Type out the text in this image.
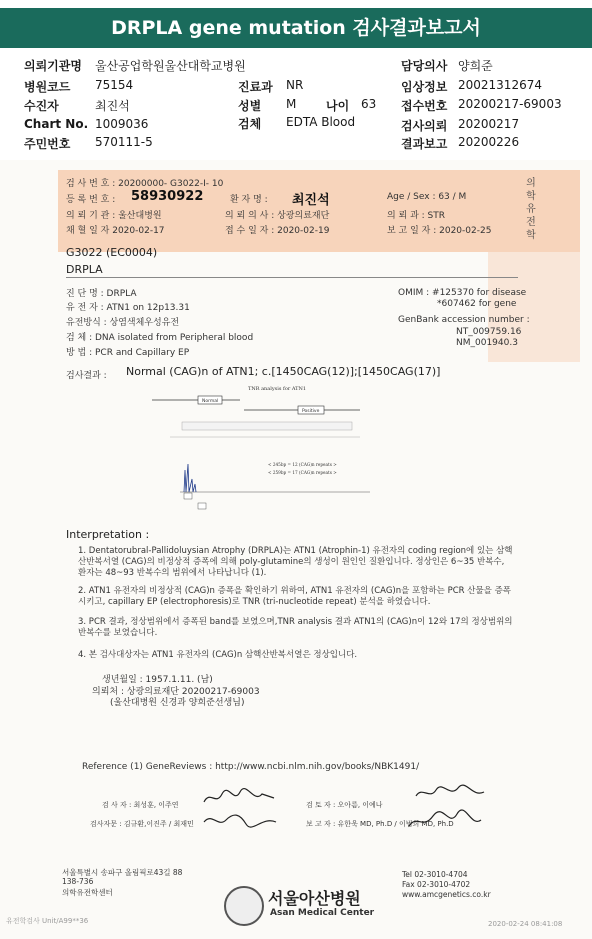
DRPLA gene mutation 검사결과보고서
의뢰기관명 울산공업학원울산대학교병원	담당의사 양희준
병원코드 75154	진료과 NR	임상정보 20021312674
수진자	최진석	성별 M 나이 63 접수번호 20200217-69003
Chart No. 1009036	검체 EDTA Blood	검사의뢰 20200217
주민번호 570111-5	결과보고 20200226
검 사 번 호 : 20200000- G3022-I- 10
등 록 번 호 : 58930922	환 자 명 : 최진석	Age / Sex : 63 / M
의 뢰 기 관 : 울산대병원	의 뢰 의 사 : 상광의료재단	의 뢰 과 : STR
채 혈 일 자 2020-02-17	접 수 일 자 : 2020-02-19	보 고 일 자 : 2020-02-25
의학유전학
G3022 (EC0004)
DRPLA
진 단 명 : DRPLA
유 전 자 : ATN1 on 12p13.31
유전방식 : 상염색체우성유전
검 체 : DNA isolated from Peripheral blood
방 법 : PCR and Capillary EP
OMIM : #125370 for disease
*607462 for gene
GenBank accession number :
NT_009759.16
NM_001940.3
검사결과 : Normal (CAG)n of ATN1; c.[1450CAG(12)];[1450CAG(17)]
TNR analysis for ATN1
Normal
Positive
< 245bp = 12 (CAG)n repeats >
< 259bp = 17 (CAG)n repeats >
Interpretation :
1. Dentatorubral-Pallidoluysian Atrophy (DRPLA)는 ATN1 (Atrophin-1) 유전자의 coding region에 있는 삼핵산반복서열 (CAG)의 비정상적 증폭에 의해 poly-glutamine의 생성이 원인인 질환입니다. 정상인은 6~35 반복수, 환자는 48~93 반복수의 범위에서 나타납니다 (1).
2. ATN1 유전자의 비정상적 (CAG)n 증폭을 확인하기 위하여, ATN1 유전자의 (CAG)n을 포함하는 PCR 산물을 증폭시키고, capillary EP (electrophoresis)로 TNR (tri-nucleotide repeat) 분석을 하였습니다.
3. PCR 결과, 정상범위에서 증폭된 band를 보였으며,TNR analysis 결과 ATN1의 (CAG)n이 12와 17의 정상범위의 반복수를 보였습니다.
4. 본 검사대상자는 ATN1 유전자의 (CAG)n 삼핵산반복서열은 정상입니다.
생년월일 : 1957.1.11. (남)
의뢰처 : 상광의료재단 20200217-69003
(울산대병원 신경과 양희준선생님)
Reference (1) GeneReviews : http://www.ncbi.nlm.nih.gov/books/NBK1491/
검 사 자 : 최성훈, 이주연
검사자문 : 김규환,이진주 / 최재민
검 토 자 : 오아름, 이예나
보 고 자 : 유한욱 MD, Ph.D / 이범희 MD, Ph.D
서울특별시 송파구 올림픽로43길 88
138-736
의학유전학센터	서울아산병원
Asan Medical Center
Tel 02-3010-4704
Fax 02-3010-4702
www.amcgenetics.co.kr
유전학검사 Unit/A99**36	2020-02-24 08:41:08
